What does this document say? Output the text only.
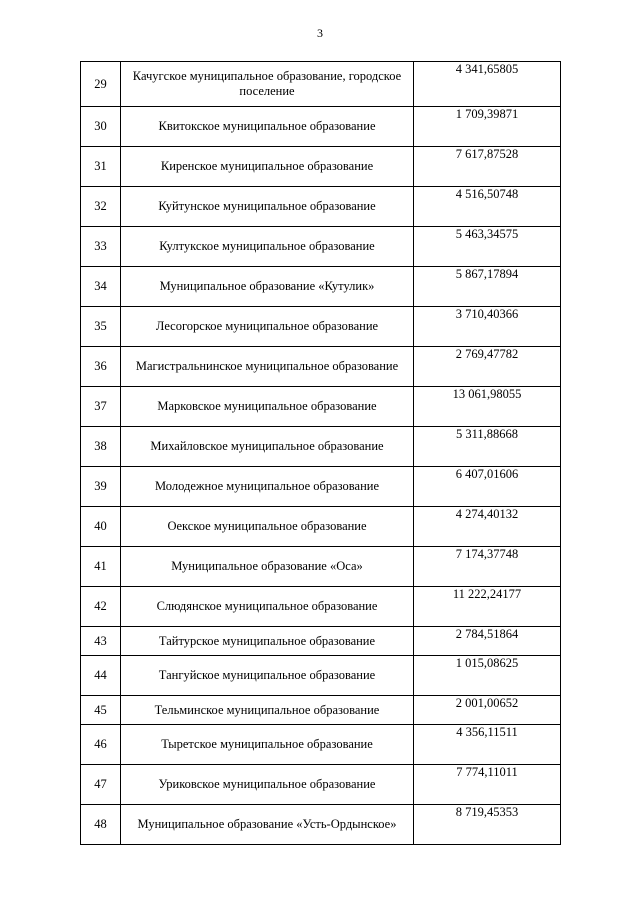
3
29	Качугское муниципальное образование, городское поселение	4 341,65805
30	Квитокское муниципальное образование	1 709,39871
31	Киренское муниципальное образование	7 617,87528
32	Куйтунское муниципальное образование	4 516,50748
33	Култукское муниципальное образование	5 463,34575
34	Муниципальное образование «Кутулик»	5 867,17894
35	Лесогорское муниципальное образование	3 710,40366
36	Магистральнинское муниципальное образование	2 769,47782
37	Марковское муниципальное образование	13 061,98055
38	Михайловское муниципальное образование	5 311,88668
39	Молодежное муниципальное образование	6 407,01606
40	Оекское муниципальное образование	4 274,40132
41	Муниципальное образование «Оса»	7 174,37748
42	Слюдянское муниципальное образование	11 222,24177
43	Тайтурское муниципальное образование	2 784,51864
44	Тангуйское муниципальное образование	1 015,08625
45	Тельминское муниципальное образование	2 001,00652
46	Тыретское муниципальное образование	4 356,11511
47	Уриковское муниципальное образование	7 774,11011
48	Муниципальное образование «Усть-Ордынское»	8 719,45353
